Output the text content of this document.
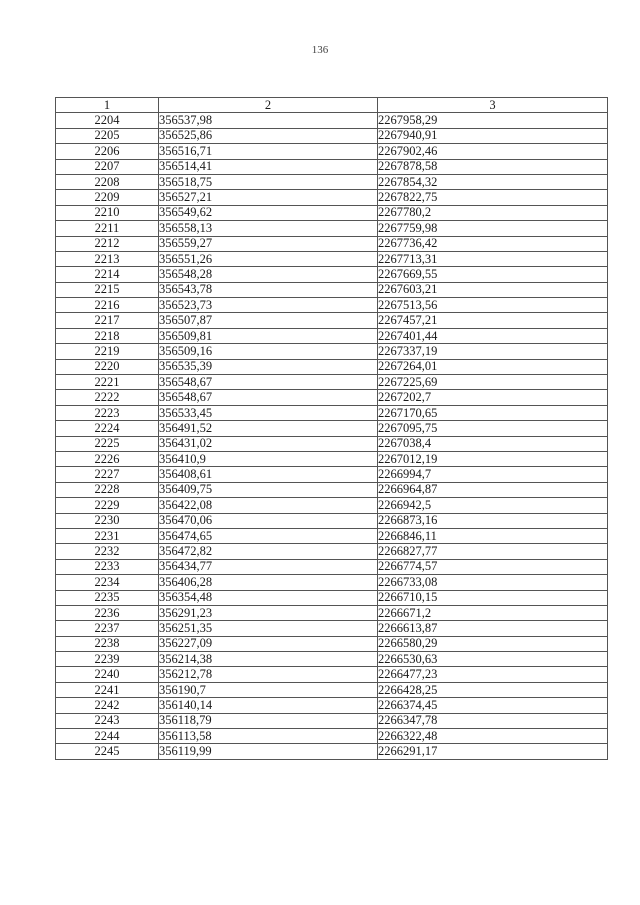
136
1	2	3
2204	356537,98	2267958,29
2205	356525,86	2267940,91
2206	356516,71	2267902,46
2207	356514,41	2267878,58
2208	356518,75	2267854,32
2209	356527,21	2267822,75
2210	356549,62	2267780,2
2211	356558,13	2267759,98
2212	356559,27	2267736,42
2213	356551,26	2267713,31
2214	356548,28	2267669,55
2215	356543,78	2267603,21
2216	356523,73	2267513,56
2217	356507,87	2267457,21
2218	356509,81	2267401,44
2219	356509,16	2267337,19
2220	356535,39	2267264,01
2221	356548,67	2267225,69
2222	356548,67	2267202,7
2223	356533,45	2267170,65
2224	356491,52	2267095,75
2225	356431,02	2267038,4
2226	356410,9	2267012,19
2227	356408,61	2266994,7
2228	356409,75	2266964,87
2229	356422,08	2266942,5
2230	356470,06	2266873,16
2231	356474,65	2266846,11
2232	356472,82	2266827,77
2233	356434,77	2266774,57
2234	356406,28	2266733,08
2235	356354,48	2266710,15
2236	356291,23	2266671,2
2237	356251,35	2266613,87
2238	356227,09	2266580,29
2239	356214,38	2266530,63
2240	356212,78	2266477,23
2241	356190,7	2266428,25
2242	356140,14	2266374,45
2243	356118,79	2266347,78
2244	356113,58	2266322,48
2245	356119,99	2266291,17
